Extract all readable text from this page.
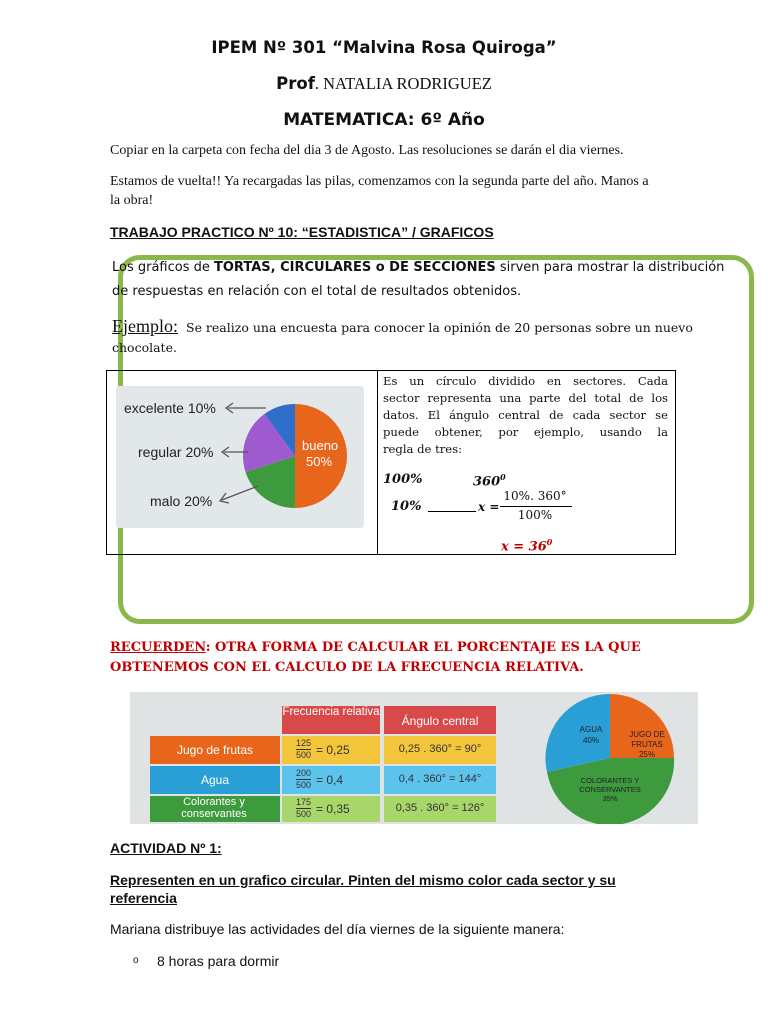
IPEM Nº 301 “Malvina Rosa Quiroga”
Prof. NATALIA RODRIGUEZ
MATEMATICA: 6º Año
Copiar en la carpeta con fecha del dia 3 de Agosto. Las resoluciones se darán el dia viernes.
Estamos de vuelta!! Ya recargadas las pilas, comenzamos con la segunda parte del año. Manos a
la obra!
TRABAJO PRACTICO Nº 10: “ESTADISTICA” / GRAFICOS
Los gráficos de TORTAS, CIRCULARES o DE SECCIONES sirven para mostrar la distribución
de respuestas en relación con el total de resultados obtenidos.
Ejemplo: Se realizo una encuesta para conocer la opinión de 20 personas sobre un nuevo
chocolate.
excelente 10%
regular 20%
malo 20%
bueno
50%
Es un círculo dividido en sectores. Cada
sector representa una parte del total de los
datos. El ángulo central de cada sector se
puede obtener, por ejemplo, usando la
regla de tres:
100%	$360^0$
10%	x =
10%. 360°
100%
$x = 36^0$
RECUERDEN: OTRA FORMA DE CALCULAR EL PORCENTAJE ES LA QUE
OBTENEMOS CON EL CALCULO DE LA FRECUENCIA RELATIVA.
Frecuencia relativa
Ángulo central
Jugo de frutas	$\frac{125}{500} = 0,25$	0,25 . 360° = 90°
Agua	$\frac{200}{500} = 0,4$	0,4 . 360° = 144°
Colorantes y conservantes	$\frac{175}{500} = 0,35$	0,35 . 360° = 126°
AGUA
40%
JUGO DE
FRUTAS
25%
COLORANTES Y
CONSERVANTES
35%
ACTIVIDAD Nº 1:
Representen en un grafico circular. Pinten del mismo color cada sector y su
referencia
Mariana distribuye las actividades del día viernes de la siguiente manera:
o 8 horas para dormir
